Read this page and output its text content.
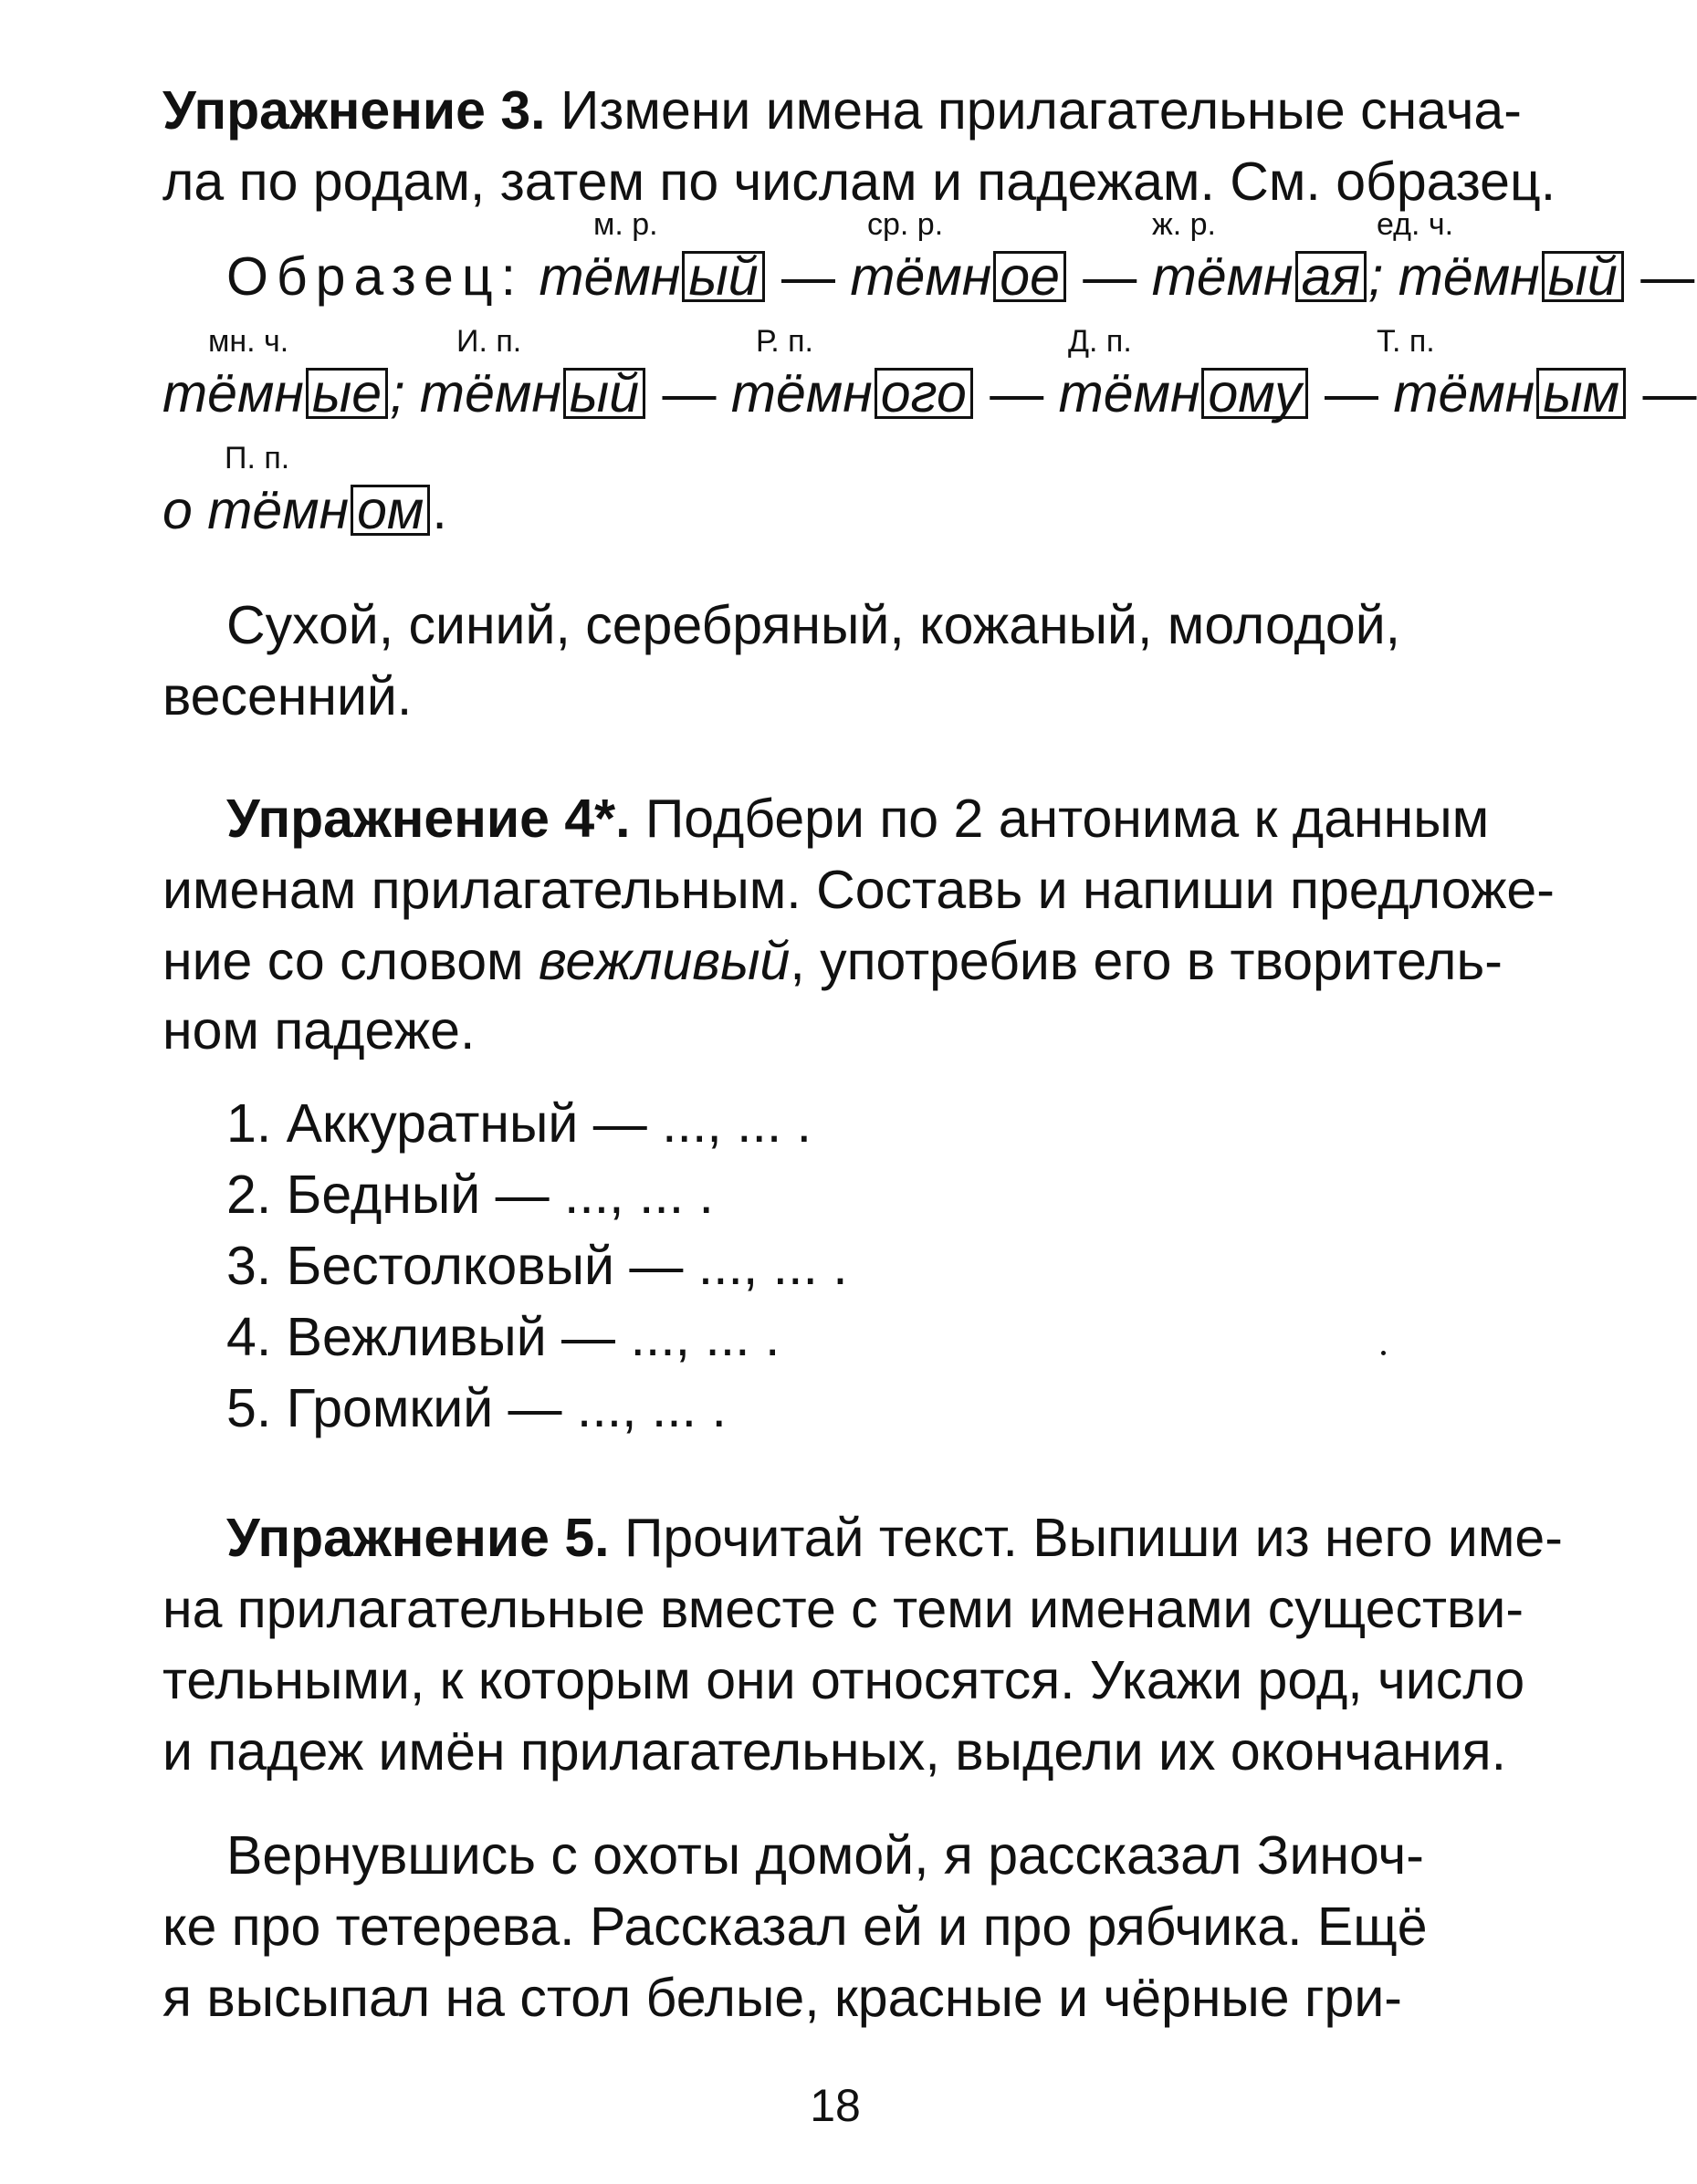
Упражнение 3. Измени имена прилагательные снача-
ла по родам, затем по числам и падежам. См. образец.
м. р.	ср. р.	ж. р.	ед. ч.
Образец: тёмн ый — тёмн ое — тёмн ая ; тёмн ый —
мн. ч.	И. п.	Р. п.	Д. п.	Т. п.
тёмн ые ; тёмн ый — тёмн ого — тёмн ому — тёмн ым —
П. п.
о тёмн ом .
Сухой, синий, серебряный, кожаный, молодой,
весенний.
Упражнение 4*. Подбери по 2 антонима к данным
именам прилагательным. Составь и напиши предложе-
ние со словом вежливый, употребив его в творитель-
ном падеже.
1. Аккуратный — ..., ... .
2. Бедный — ..., ... .
3. Бестолковый — ..., ... .
4. Вежливый — ..., ... .
5. Громкий — ..., ... .
Упражнение 5. Прочитай текст. Выпиши из него име-
на прилагательные вместе с теми именами существи-
тельными, к которым они относятся. Укажи род, число
и падеж имён прилагательных, выдели их окончания.
Вернувшись с охоты домой, я рассказал Зиноч-
ке про тетерева. Рассказал ей и про рябчика. Ещё
я высыпал на стол белые, красные и чёрные гри-
18
